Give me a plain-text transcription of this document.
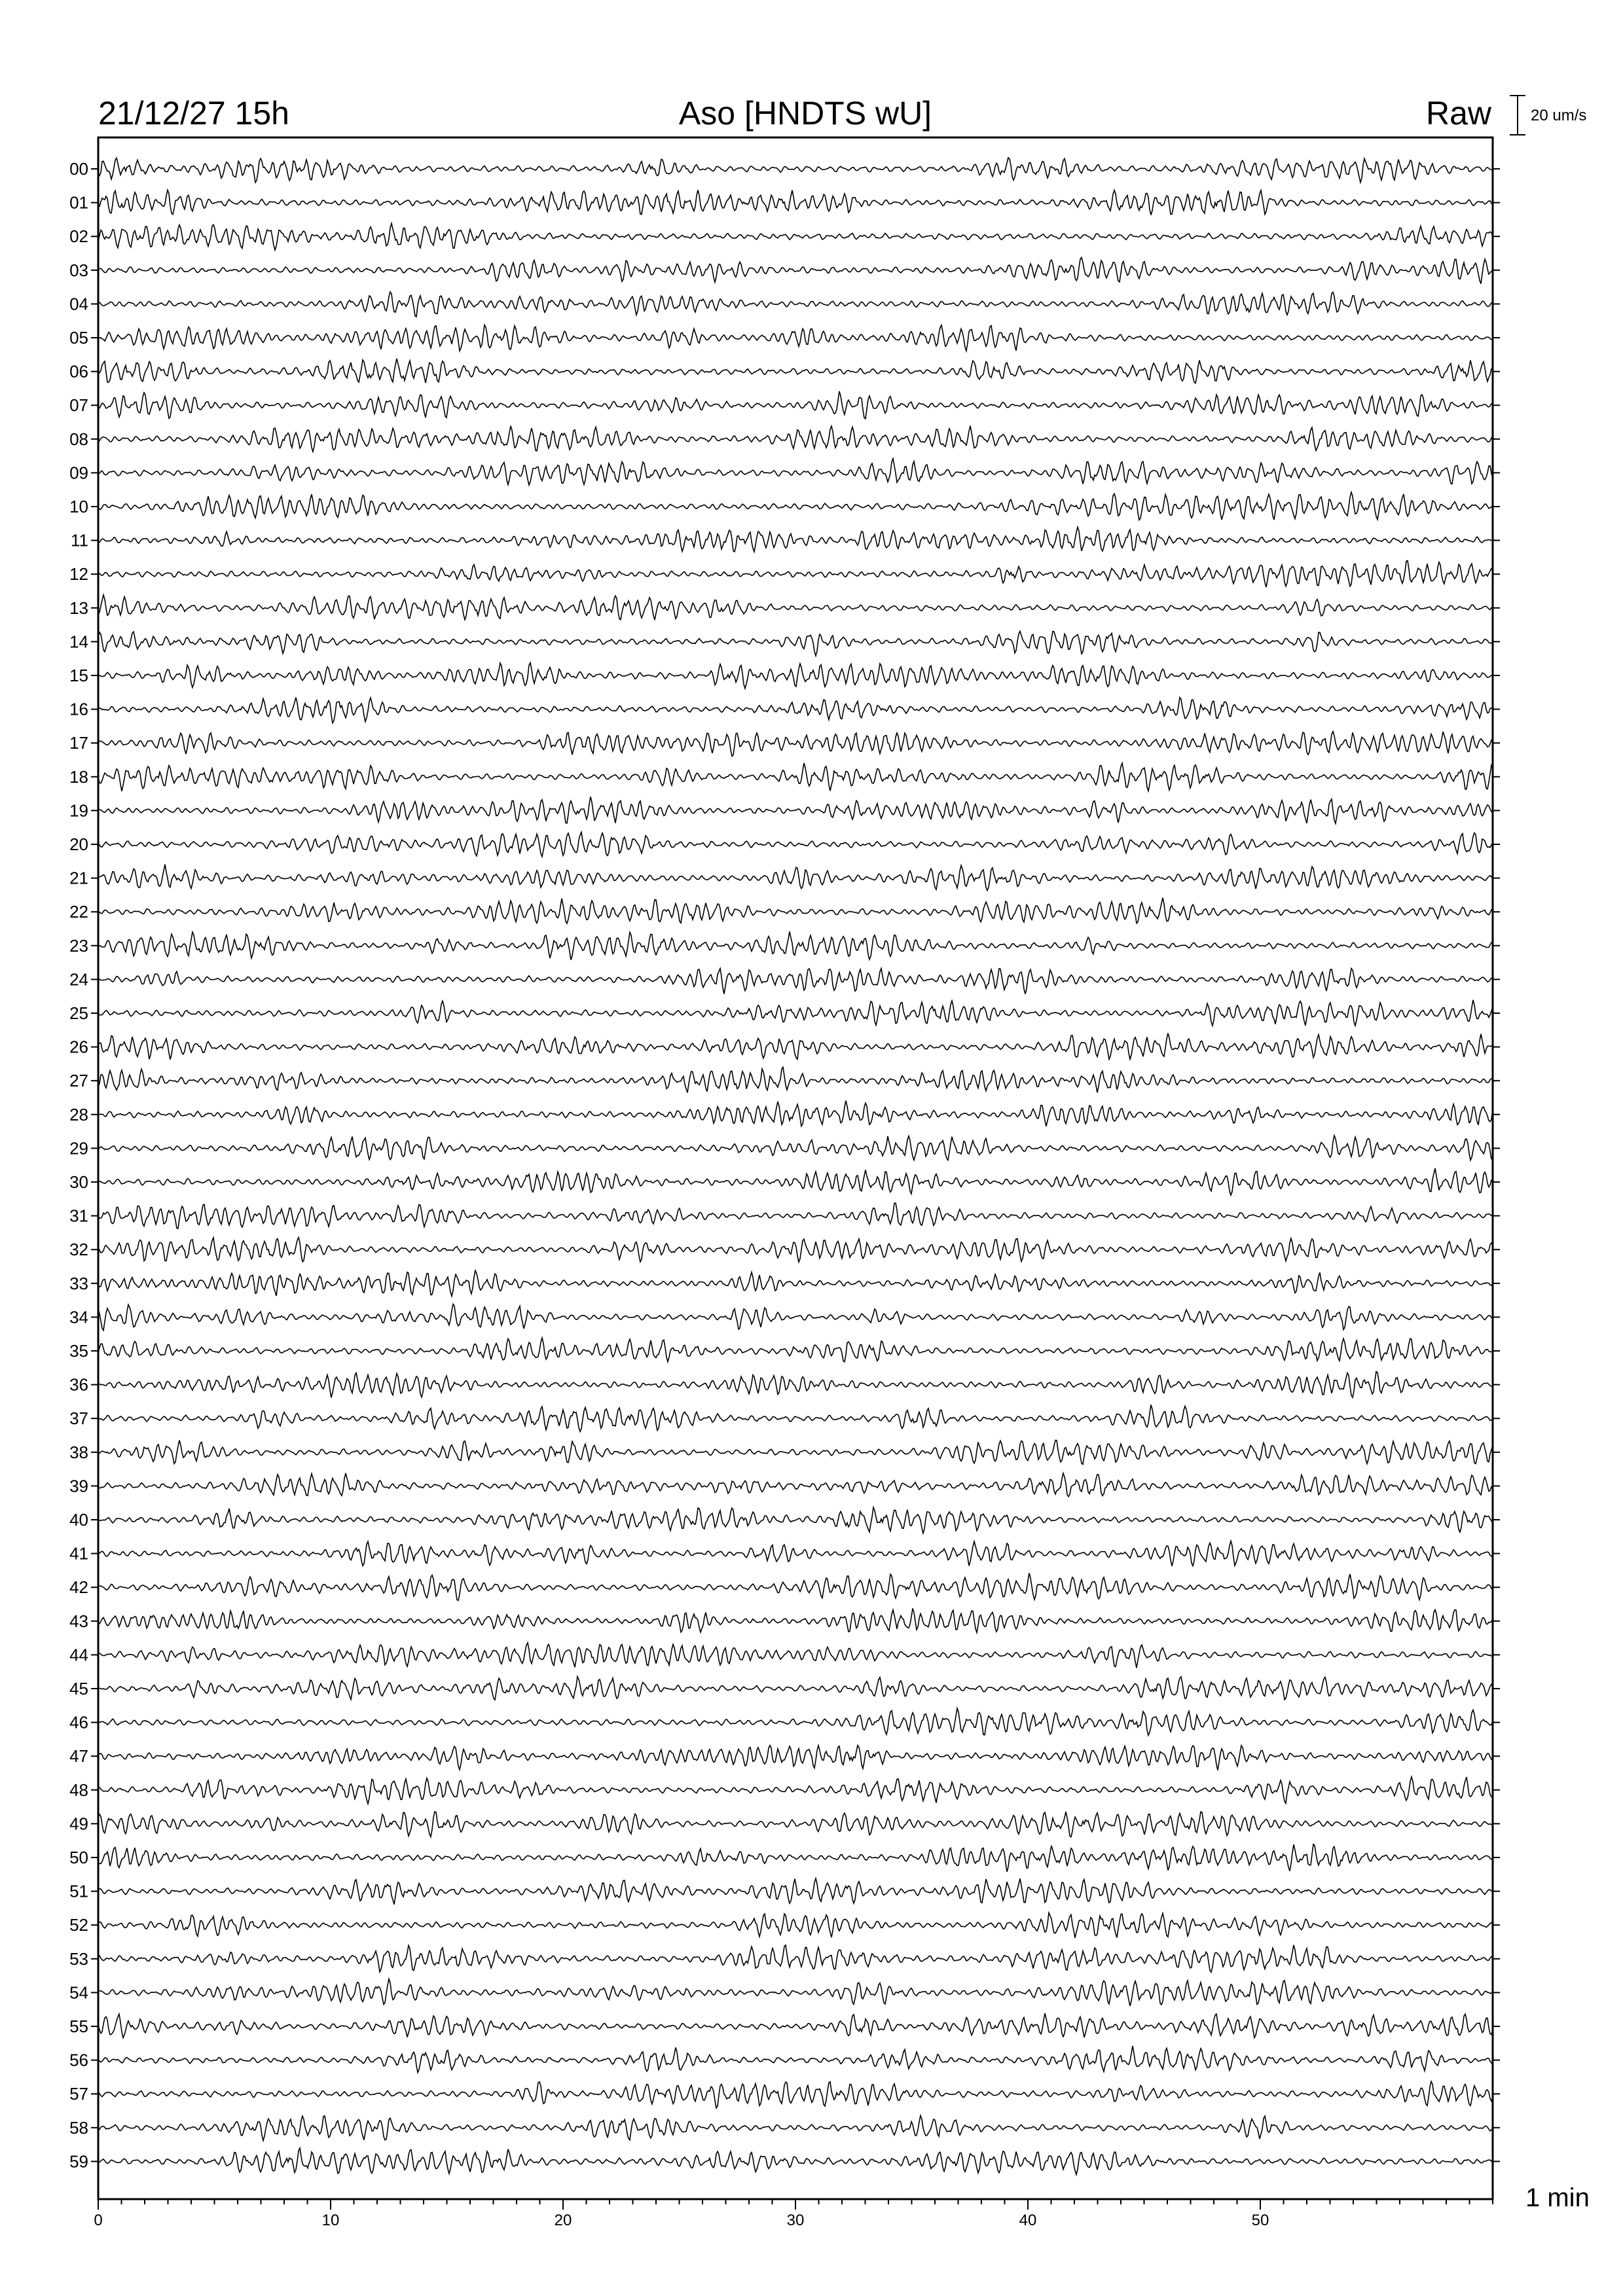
21/12/27 15h	Aso [HNDTS wU]	Raw	20 um/s
1 min
00
01
02
03
04
05
06
07
08
09
10
11
12
13
14
15
16
17
18
19
20
21
22
23
24
25
26
27
28
29
30
31
32
33
34
35
36
37
38
39
40
41
42
43
44
45
46
47
48
49
50
51
52
53
54
55
56
57
58
59
0	10	20	30	40	50
